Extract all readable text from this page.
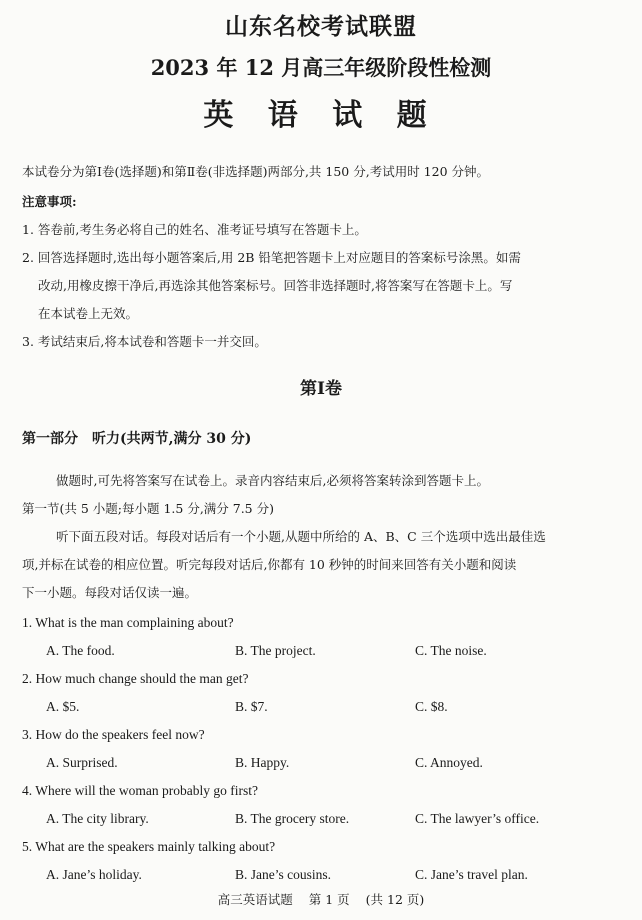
山东名校考试联盟
2023 年 12 月高三年级阶段性检测
英 语 试 题
本试卷分为第Ⅰ卷(选择题)和第Ⅱ卷(非选择题)两部分,共 150 分,考试用时 120 分钟。
注意事项:
1. 答卷前,考生务必将自己的姓名、准考证号填写在答题卡上。
2. 回答选择题时,选出每小题答案后,用 2B 铅笔把答题卡上对应题目的答案标号涂黑。如需
改动,用橡皮擦干净后,再选涂其他答案标号。回答非选择题时,将答案写在答题卡上。写
在本试卷上无效。
3. 考试结束后,将本试卷和答题卡一并交回。
第Ⅰ卷
第一部分　听力(共两节,满分 30 分)
做题时,可先将答案写在试卷上。录音内容结束后,必须将答案转涂到答题卡上。
第一节(共 5 小题;每小题 1.5 分,满分 7.5 分)
听下面五段对话。每段对话后有一个小题,从题中所给的 A、B、C 三个选项中选出最佳选
项,并标在试卷的相应位置。听完每段对话后,你都有 10 秒钟的时间来回答有关小题和阅读
下一小题。每段对话仅读一遍。
1. What is the man complaining about?
A. The food.	B. The project.	C. The noise.
2. How much change should the man get?
A. $5.	B. $7.	C. $8.
3. How do the speakers feel now?
A. Surprised.	B. Happy.	C. Annoyed.
4. Where will the woman probably go first?
A. The city library.	B. The grocery store.	C. The lawyer’s office.
5. What are the speakers mainly talking about?
A. Jane’s holiday.	B. Jane’s cousins.	C. Jane’s travel plan.
高三英语试题 第 1 页 (共 12 页)
